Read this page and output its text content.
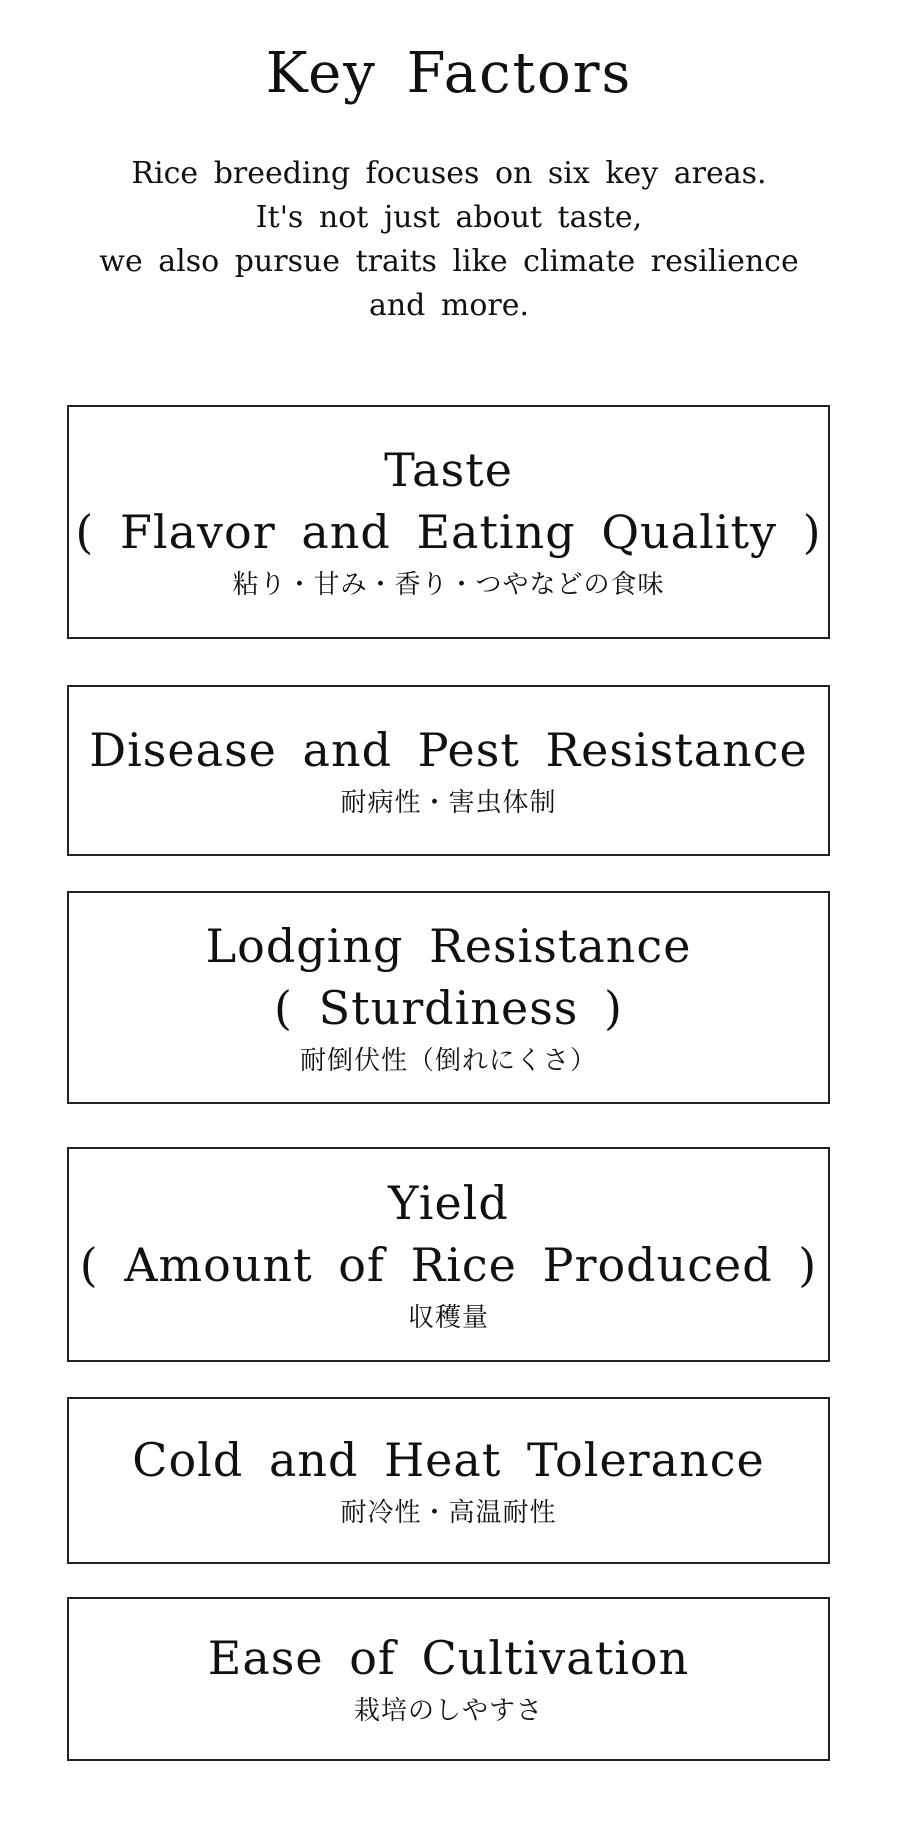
Key Factors
Rice breeding focuses on six key areas.
It's not just about taste,
we also pursue traits like climate resilience
and more.
Taste
( Flavor and Eating Quality )
粘り・甘み・香り・つやなどの食味
Disease and Pest Resistance
耐病性・害虫体制
Lodging Resistance
( Sturdiness )
耐倒伏性（倒れにくさ）
Yield
( Amount of Rice Produced )
収穫量
Cold and Heat Tolerance
耐冷性・高温耐性
Ease of Cultivation
栽培のしやすさ
